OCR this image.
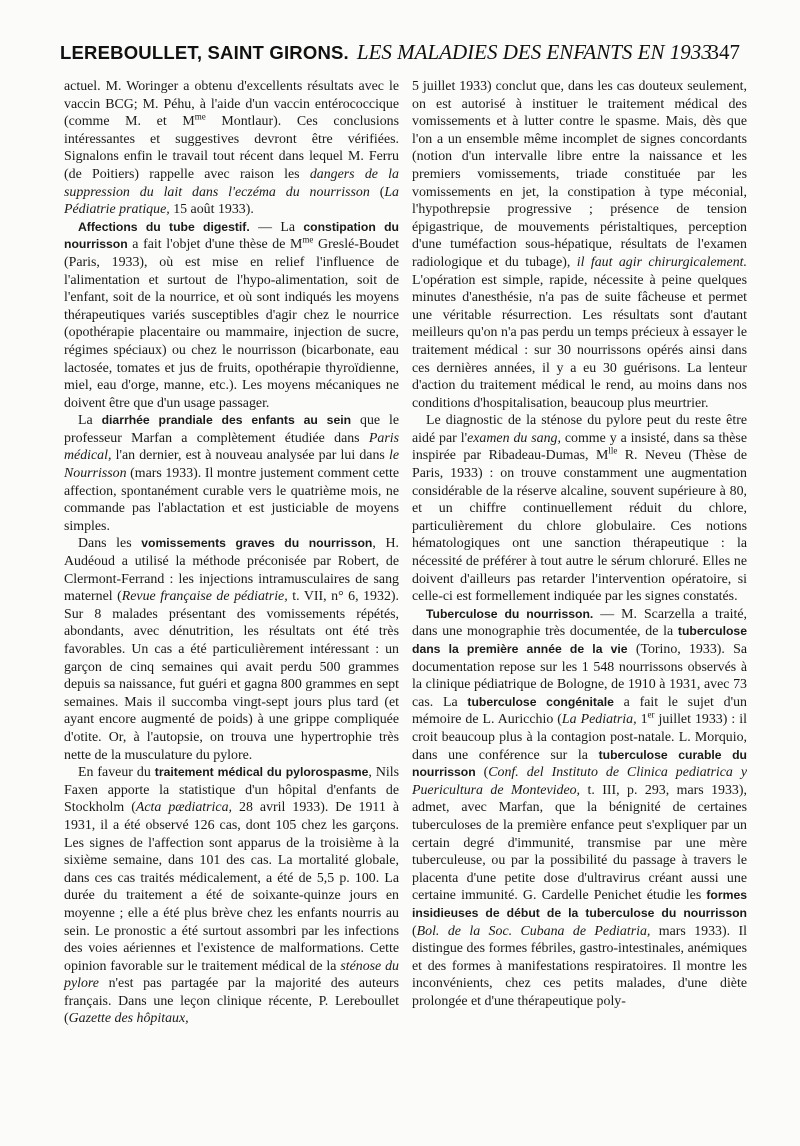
LEREBOULLET, SAINT GIRONS. LES MALADIES DES ENFANTS EN 1933
347

actuel. M. Woringer a obtenu d'excellents résultats avec le vaccin BCG; M. Péhu, à l'aide d'un vaccin entérococcique (comme M. et $M^{me}$ Montlaur). Ces conclusions intéressantes et suggestives devront être vérifiées. Signalons enfin le travail tout récent dans lequel M. Ferru (de Poitiers) rappelle avec raison les dangers de la suppression du lait dans l'eczéma du nourrisson (La Pédiatrie pratique, 15 août 1933).

Affections du tube digestif. — La constipation du nourrisson a fait l'objet d'une thèse de $M^{me}$ Greslé-Boudet (Paris, 1933), où est mise en relief l'influence de l'alimentation et surtout de l'hypo-alimentation, soit de l'enfant, soit de la nourrice, et où sont indiqués les moyens thérapeutiques variés susceptibles d'agir chez le nourrice (opothérapie placentaire ou mammaire, injection de sucre, régimes spéciaux) ou chez le nourrisson (bicarbonate, eau lactosée, tomates et jus de fruits, opothérapie thyroïdienne, miel, eau d'orge, manne, etc.). Les moyens mécaniques ne doivent être que d'un usage passager.

La diarrhée prandiale des enfants au sein que le professeur Marfan a complètement étudiée dans Paris médical, l'an dernier, est à nouveau analysée par lui dans le Nourrisson (mars 1933). Il montre justement comment cette affection, spontanément curable vers le quatrième mois, ne commande pas l'ablactation et est justiciable de moyens simples.

Dans les vomissements graves du nourrisson, H. Audéoud a utilisé la méthode préconisée par Robert, de Clermont-Ferrand : les injections intramusculaires de sang maternel (Revue française de pédiatrie, t. VII, n° 6, 1932). Sur 8 malades présentant des vomissements répétés, abondants, avec dénutrition, les résultats ont été très favorables. Un cas a été particulièrement intéressant : un garçon de cinq semaines qui avait perdu 500 grammes depuis sa naissance, fut guéri et gagna 800 grammes en sept semaines. Mais il succomba vingt-sept jours plus tard (et ayant encore augmenté de poids) à une grippe compliquée d'otite. Or, à l'autopsie, on trouva une hypertrophie très nette de la musculature du pylore.

En faveur du traitement médical du pylorospasme, Nils Faxen apporte la statistique d'un hôpital d'enfants de Stockholm (Acta pædiatrica, 28 avril 1933). De 1911 à 1931, il a été observé 126 cas, dont 105 chez les garçons. Les signes de l'affection sont apparus de la troisième à la sixième semaine, dans 101 des cas. La mortalité globale, dans ces cas traités médicalement, a été de 5,5 p. 100. La durée du traitement a été de soixante-quinze jours en moyenne ; elle a été plus brève chez les enfants nourris au sein. Le pronostic a été surtout assombri par les infections des voies aériennes et l'existence de malformations. Cette opinion favorable sur le traitement médical de la sténose du pylore n'est pas partagée par la majorité des auteurs français. Dans une leçon clinique récente, P. Lereboullet (Gazette des hôpitaux,

5 juillet 1933) conclut que, dans les cas douteux seulement, on est autorisé à instituer le traitement médical des vomissements et à lutter contre le spasme. Mais, dès que l'on a un ensemble même incomplet de signes concordants (notion d'un intervalle libre entre la naissance et les premiers vomissements, triade constituée par les vomissements en jet, la constipation à type méconial, l'hypothrepsie progressive ; présence de tension épigastrique, de mouvements péristaltiques, perception d'une tuméfaction sous-hépatique, résultats de l'examen radiologique et du tubage), il faut agir chirurgicalement. L'opération est simple, rapide, nécessite à peine quelques minutes d'anesthésie, n'a pas de suite fâcheuse et permet une véritable résurrection. Les résultats sont d'autant meilleurs qu'on n'a pas perdu un temps précieux à essayer le traitement médical : sur 30 nourrissons opérés ainsi dans ces dernières années, il y a eu 30 guérisons. La lenteur d'action du traitement médical le rend, au moins dans nos conditions d'hospitalisation, beaucoup plus meurtrier.

Le diagnostic de la sténose du pylore peut du reste être aidé par l'examen du sang, comme y a insisté, dans sa thèse inspirée par Ribadeau-Dumas, $M^{lle}$ R. Neveu (Thèse de Paris, 1933) : on trouve constamment une augmentation considérable de la réserve alcaline, souvent supérieure à 80, et un chiffre continuellement réduit du chlore, particulièrement du chlore globulaire. Ces notions hématologiques ont une sanction thérapeutique : la nécessité de préférer à tout autre le sérum chloruré. Elles ne doivent d'ailleurs pas retarder l'intervention opératoire, si celle-ci est formellement indiquée par les signes constatés.

Tuberculose du nourrisson. — M. Scarzella a traité, dans une monographie très documentée, de la tuberculose dans la première année de la vie (Torino, 1933). Sa documentation repose sur les 1 548 nourrissons observés à la clinique pédiatrique de Bologne, de 1910 à 1931, avec 73 cas. La tuberculose congénitale a fait le sujet d'un mémoire de L. Auricchio (La Pediatria, 1er juillet 1933) : il croit beaucoup plus à la contagion post-natale. L. Morquio, dans une conférence sur la tuberculose curable du nourrisson (Conf. del Instituto de Clinica pediatrica y Puericultura de Montevideo, t. III, p. 293, mars 1933), admet, avec Marfan, que la bénignité de certaines tuberculoses de la première enfance peut s'expliquer par un certain degré d'immunité, transmise par une mère tuberculeuse, ou par la possibilité du passage à travers le placenta d'une petite dose d'ultravirus créant aussi une certaine immunité. G. Cardelle Penichet étudie les formes insidieuses de début de la tuberculose du nourrisson (Bol. de la Soc. Cubana de Pediatria, mars 1933). Il distingue des formes fébriles, gastro-intestinales, anémiques et des formes à manifestations respiratoires. Il montre les inconvénients, chez ces petits malades, d'une diète prolongée et d'une thérapeutique poly-
